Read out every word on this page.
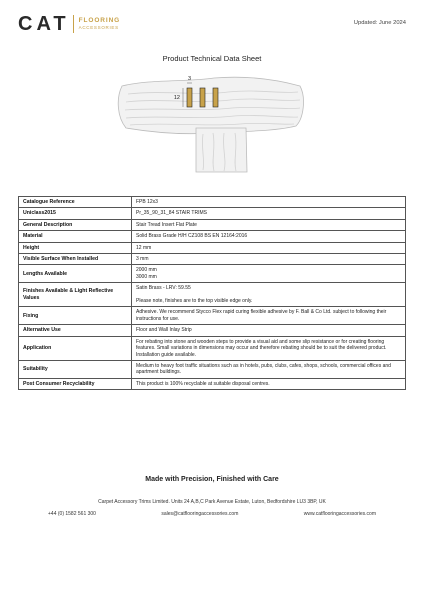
CAT FLOORING
ACCESSORIES
Updated: June 2024
Product Technical Data Sheet
3
12
Catalogue Reference	FPB 12x3
Uniclass2015	Pr_35_90_31_84 STAIR TRIMS
General Description	Stair Tread Insert Flat Plate
Material	Solid Brass Grade H/H CZ108 BS EN 12164:2016
Height	12 mm
Visible Surface When Installed	3 mm
Lengths Available	2000 mm
3000 mm
Finishes Available & Light Reflective Values	Satin Brass - LRV: 59.55

Please note, finishes are to the top visible edge only.
Fixing	Adhesive. We recommend Stycco Flex rapid curing flexible adhesive by F. Ball & Co Ltd. subject to following their instructions for use.
Alternative Use	Floor and Wall Inlay Strip
Application	For rebating into stone and wooden steps to provide a visual aid and some slip resistance or for creating flooring features. Small variations in dimensions may occur and therefore rebating should be to suit the delivered product. Installation guide available.
Suitability	Medium to heavy foot traffic situations such as in hotels, pubs, clubs, cafes, shops, schools, commercial offices and apartment buildings.
Post Consumer Recyclability	This product is 100% recyclable at suitable disposal centres.
Made with Precision, Finished with Care
Carpet Accessory Trims Limited. Units 24 A,B,C Park Avenue Estate, Luton, Bedfordshire LU3 3BP, UK
+44 (0) 1582 561 300	sales@catflooringaccessories.com	www.catflooringaccessories.com
